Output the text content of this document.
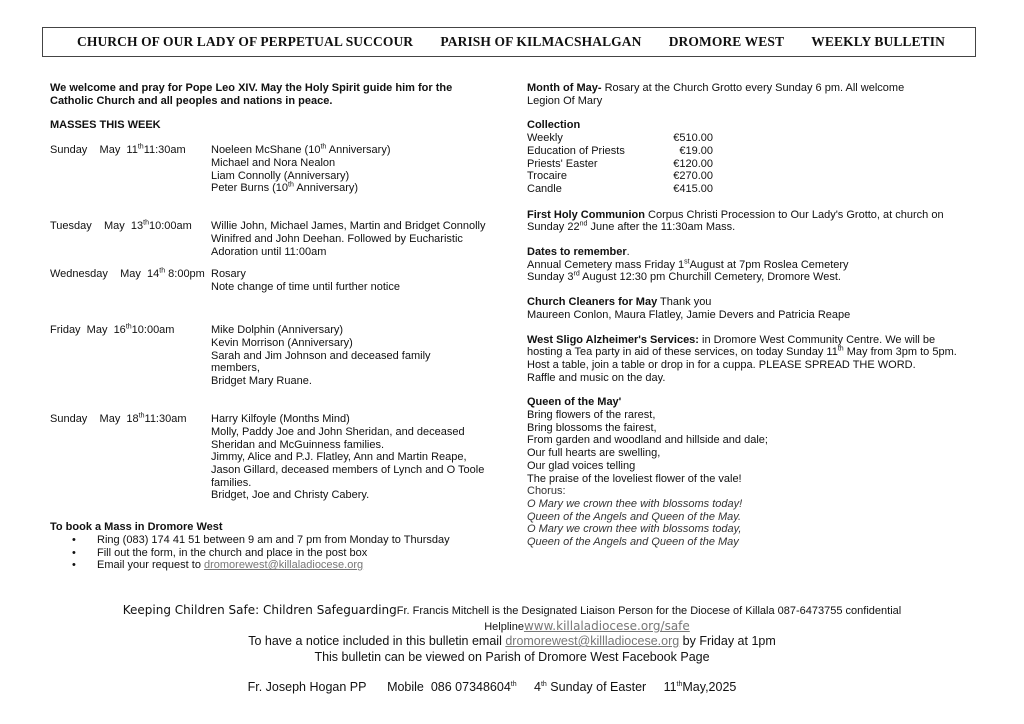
CHURCH OF OUR LADY OF PERPETUAL SUCCOUR PARISH OF KILMACSHALGAN DROMORE WEST WEEKLY BULLETIN

We welcome and pray for Pope Leo XIV. May the Holy Spirit guide him for the

Catholic Church and all peoples and nations in peace.

MASSES THIS WEEK

Sunday    May  11th11:30am Noeleen McShane (10th Anniversary)

Michael and Nora Nealon

Liam Connolly (Anniversary)

Peter Burns (10th Anniversary)

Tuesday    May  13th10:00am Willie John, Michael James, Martin and Bridget Connolly

Winifred and John Deehan. Followed by Eucharistic

Adoration until 11:00am

Wednesday    May  14th 8:00pm Rosary

Note change of time until further notice

Friday  May  16th10:00am	Mike Dolphin (Anniversary)

Kevin Morrison (Anniversary)

Sarah and Jim Johnson and deceased family

members,

Bridget Mary Ruane.

Sunday    May  18th11:30am Harry Kilfoyle (Months Mind)

Molly, Paddy Joe and John Sheridan, and deceased

Sheridan and McGuinness families.

Jimmy, Alice and P.J. Flatley, Ann and Martin Reape,

Jason Gillard, deceased members of Lynch and O Toole

families.

Bridget, Joe and Christy Cabery.

To book a Mass in Dromore West

• Ring (083) 174 41 51 between 9 am and 7 pm from Monday to Thursday
• Fill out the form, in the church and place in the post box
• Email your request to dromorewest@killaladiocese.org

Month of May- Rosary at the Church Grotto every Sunday 6 pm. All welcome

Legion Of Mary

Collection

Weekly	€510.00
Education of Priests	€19.00
Priests' Easter	€120.00
Trocaire	€270.00
Candle	€415.00

First Holy Communion Corpus Christi Procession to Our Lady's Grotto, at church on

Sunday 22nd June after the 11:30am Mass.

Dates to remember.

Annual Cemetery mass Friday 1stAugust at 7pm Roslea Cemetery

Sunday 3rd August 12:30 pm Churchill Cemetery, Dromore West.

Church Cleaners for May Thank you

Maureen Conlon, Maura Flatley, Jamie Devers and Patricia Reape

West Sligo Alzheimer's Services: in Dromore West Community Centre. We will be

hosting a Tea party in aid of these services, on today Sunday 11th May from 3pm to 5pm.

Host a table, join a table or drop in for a cuppa. PLEASE SPREAD THE WORD.

Raffle and music on the day.

Queen of the May'

Bring flowers of the rarest,

Bring blossoms the fairest,

From garden and woodland and hillside and dale;

Our full hearts are swelling,

Our glad voices telling

The praise of the loveliest flower of the vale!

Chorus:

O Mary we crown thee with blossoms today!

Queen of the Angels and Queen of the May.

O Mary we crown thee with blossoms today,

Queen of the Angels and Queen of the May

Keeping Children Safe: Children SafeguardingFr. Francis Mitchell is the Designated Liaison Person for the Diocese of Killala 087-6473755 confidential
Helplinewww.killaladiocese.org/safe
To have a notice included in this bulletin email dromorewest@killladiocese.org by Friday at 1pm
This bulletin can be viewed on Parish of Dromore West Facebook Page
Fr. Joseph Hogan PP Mobile 086 07348604th 4th Sunday of Easter 11thMay,2025
